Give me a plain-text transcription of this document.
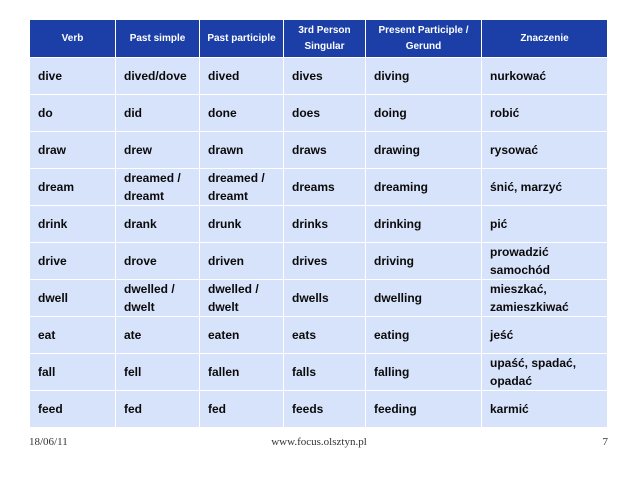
Verb	Past simple	Past participle	3rd Person Singular	Present Participle / Gerund	Znaczenie
dive	dived/dove	dived	dives	diving	nurkować
do	did	done	does	doing	robić
draw	drew	drawn	draws	drawing	rysować
dream	dreamed / dreamt	dreamed / dreamt	dreams	dreaming	śnić, marzyć
drink	drank	drunk	drinks	drinking	pić
drive	drove	driven	drives	driving	prowadzić samochód
dwell	dwelled / dwelt	dwelled / dwelt	dwells	dwelling	mieszkać, zamieszkiwać
eat	ate	eaten	eats	eating	jeść
fall	fell	fallen	falls	falling	upaść, spadać, opadać
feed	fed	fed	feeds	feeding	karmić
18/06/11	www.focus.olsztyn.pl	7
